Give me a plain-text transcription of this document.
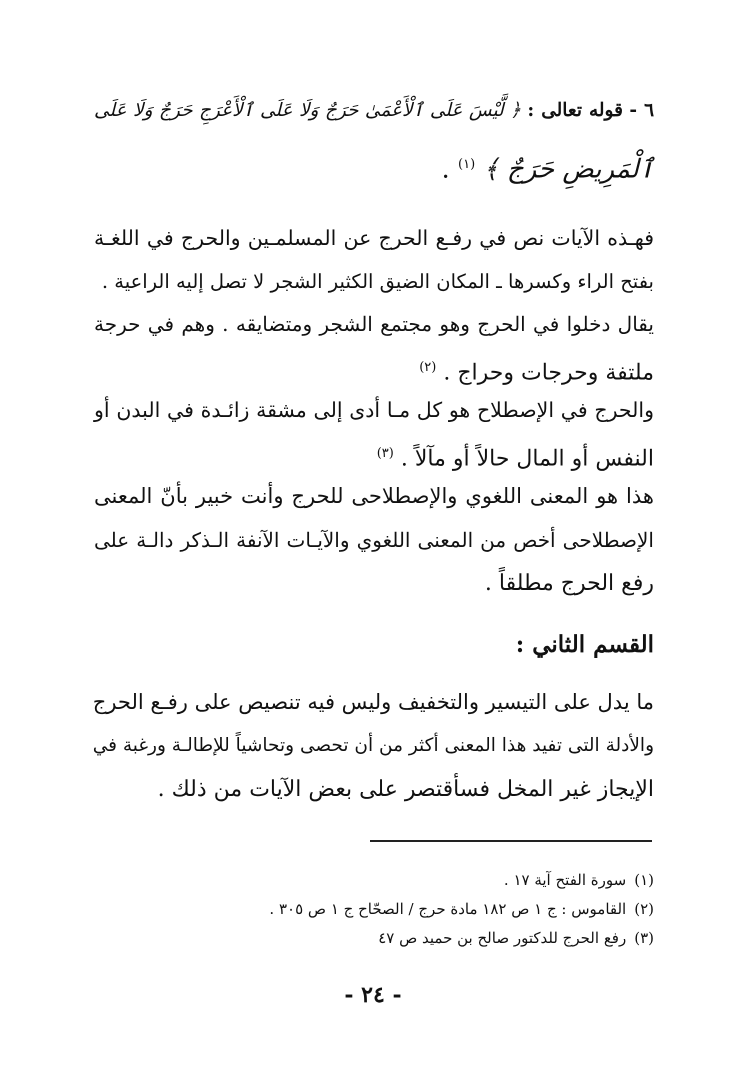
٦ - قوله تعالى : ﴿ لَّيْسَ عَلَى ٱلْأَعْمَىٰ حَرَجٌ وَلَا عَلَى ٱلْأَعْرَجِ حَرَجٌ وَلَا عَلَى
ٱلْمَرِيضِ حَرَجٌ ﴾ $^{(١)}$ .
فهـذه الآيات نص في رفـع الحرج عن المسلمـين والحرج في اللغـة
بفتح الراء وكسرها ـ المكان الضيق الكثير الشجر لا تصل إليه الراعية .
يقال دخلوا في الحرج وهو مجتمع الشجر ومتضايقه . وهم في حرجة
ملتفة وحرجات وحراج . $^{(٢)}$
والحرج في الإصطلاح هو كل مـا أدى إلى مشقة زائـدة في البدن أو
النفس أو المال حالاً أو مآلاً . $^{(٣)}$
هذا هو المعنى اللغوي والإصطلاحى للحرج وأنت خبير بأنّ المعنى
الإصطلاحى أخص من المعنى اللغوي والآيـات الآنفة الـذكر دالـة على
رفع الحرج مطلقاً .
القسم الثاني :
ما يدل على التيسير والتخفيف وليس فيه تنصيص على رفـع الحرج
والأدلة التى تفيد هذا المعنى أكثر من أن تحصى وتحاشياً للإطالـة ورغبة في
الإيجاز غير المخل فسأقتصر على بعض الآيات من ذلك .
(١)سورة الفتح آية ١٧ .
(٢)القاموس : ج ١ ص ١٨٢ مادة حرج / الصحّاح ج ١ ص ٣٠٥ .
(٣)رفع الحرج للدكتور صالح بن حميد ص ٤٧
- ٢٤ -
